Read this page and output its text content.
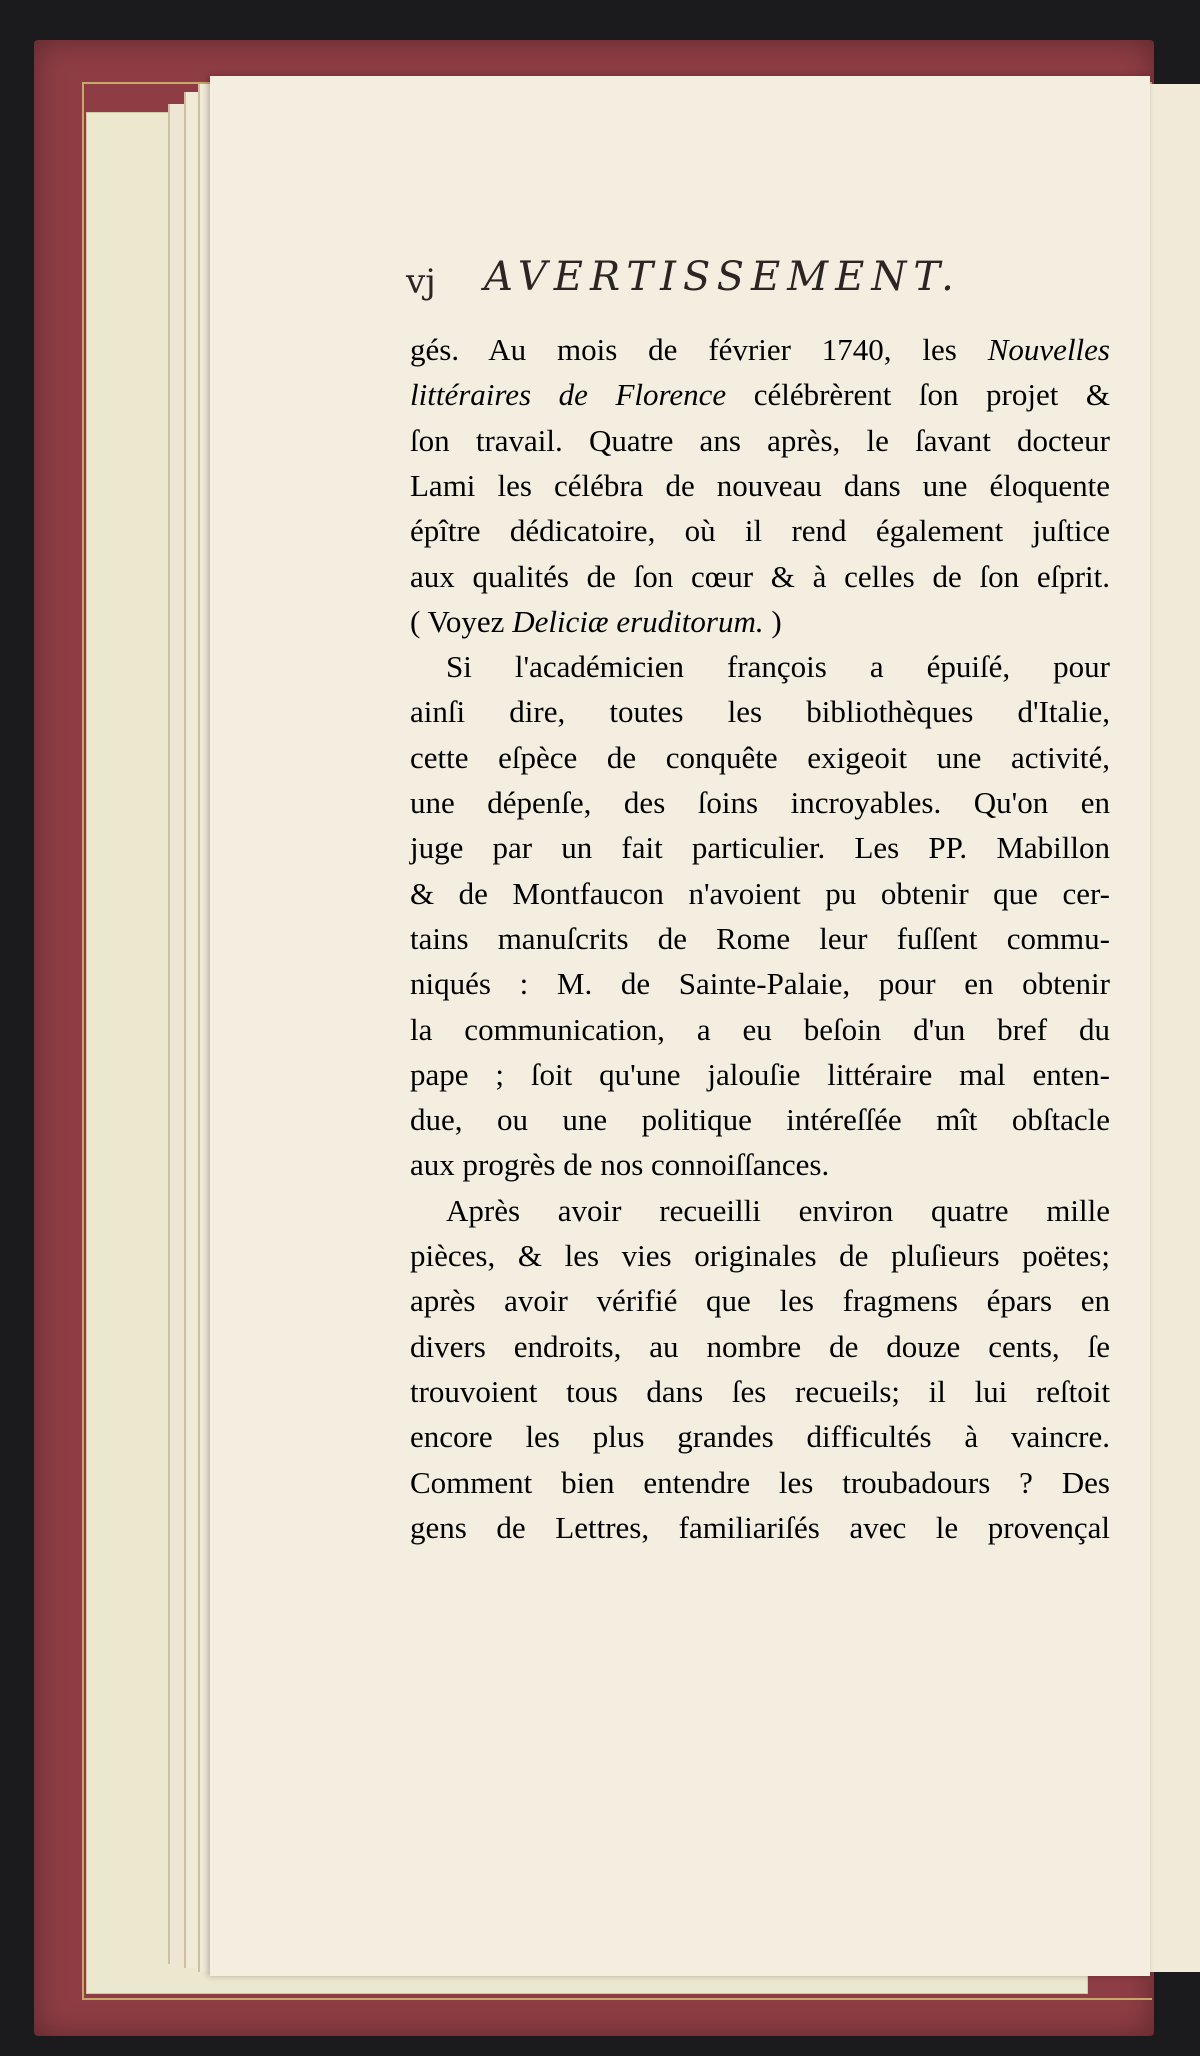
vj AVERTISSEMENT.
gés. Au mois de février 1740, les Nouvelles
littéraires de Florence célébrèrent ſon projet &
ſon travail. Quatre ans après, le ſavant docteur
Lami les célébra de nouveau dans une éloquente
épître dédicatoire, où il rend également juſtice
aux qualités de ſon cœur & à celles de ſon eſprit.
( Voyez Deliciæ eruditorum. )
Si l'académicien françois a épuiſé, pour
ainſi dire, toutes les bibliothèques d'Italie,
cette eſpèce de conquête exigeoit une activité,
une dépenſe, des ſoins incroyables. Qu'on en
juge par un fait particulier. Les PP. Mabillon
& de Montfaucon n'avoient pu obtenir que cer-
tains manuſcrits de Rome leur fuſſent commu-
niqués : M. de Sainte-Palaie, pour en obtenir
la communication, a eu beſoin d'un bref du
pape ; ſoit qu'une jalouſie littéraire mal enten-
due, ou une politique intéreſſée mît obſtacle
aux progrès de nos connoiſſances.
Après avoir recueilli environ quatre mille
pièces, & les vies originales de pluſieurs poëtes;
après avoir vérifié que les fragmens épars en
divers endroits, au nombre de douze cents, ſe
trouvoient tous dans ſes recueils; il lui reſtoit
encore les plus grandes difficultés à vaincre.
Comment bien entendre les troubadours ? Des
gens de Lettres, familiariſés avec le provençal
